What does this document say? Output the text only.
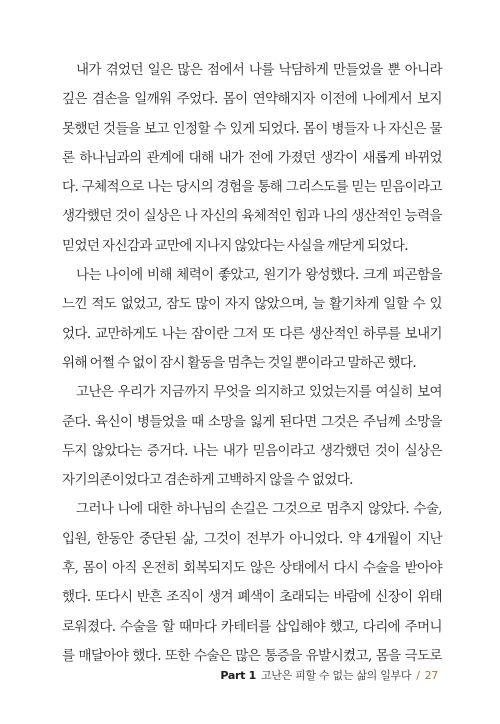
내가 겪었던 일은 많은 점에서 나를 낙담하게 만들었을 뿐 아니라
깊은 겸손을 일깨워 주었다. 몸이 연약해지자 이전에 나에게서 보지
못했던 것들을 보고 인정할 수 있게 되었다. 몸이 병들자 나 자신은 물
론 하나님과의 관계에 대해 내가 전에 가졌던 생각이 새롭게 바뀌었
다. 구체적으로 나는 당시의 경험을 통해 그리스도를 믿는 믿음이라고
생각했던 것이 실상은 나 자신의 육체적인 힘과 나의 생산적인 능력을
믿었던 자신감과 교만에 지나지 않았다는 사실을 깨닫게 되었다.
나는 나이에 비해 체력이 좋았고, 원기가 왕성했다. 크게 피곤함을
느낀 적도 없었고, 잠도 많이 자지 않았으며, 늘 활기차게 일할 수 있
었다. 교만하게도 나는 잠이란 그저 또 다른 생산적인 하루를 보내기
위해 어쩔 수 없이 잠시 활동을 멈추는 것일 뿐이라고 말하곤 했다.
고난은 우리가 지금까지 무엇을 의지하고 있었는지를 여실히 보여
준다. 육신이 병들었을 때 소망을 잃게 된다면 그것은 주님께 소망을
두지 않았다는 증거다. 나는 내가 믿음이라고 생각했던 것이 실상은
자기의존이었다고 겸손하게 고백하지 않을 수 없었다.
그러나 나에 대한 하나님의 손길은 그것으로 멈추지 않았다. 수술,
입원, 한동안 중단된 삶, 그것이 전부가 아니었다. 약 4개월이 지난
후, 몸이 아직 온전히 회복되지도 않은 상태에서 다시 수술을 받아야
했다. 또다시 반흔 조직이 생겨 폐색이 초래되는 바람에 신장이 위태
로워졌다. 수술을 할 때마다 카테터를 삽입해야 했고, 다리에 주머니
를 매달아야 했다. 또한 수술은 많은 통증을 유발시켰고, 몸을 극도로
Part 1 고난은 피할 수 없는 삶의 일부다 / 27
